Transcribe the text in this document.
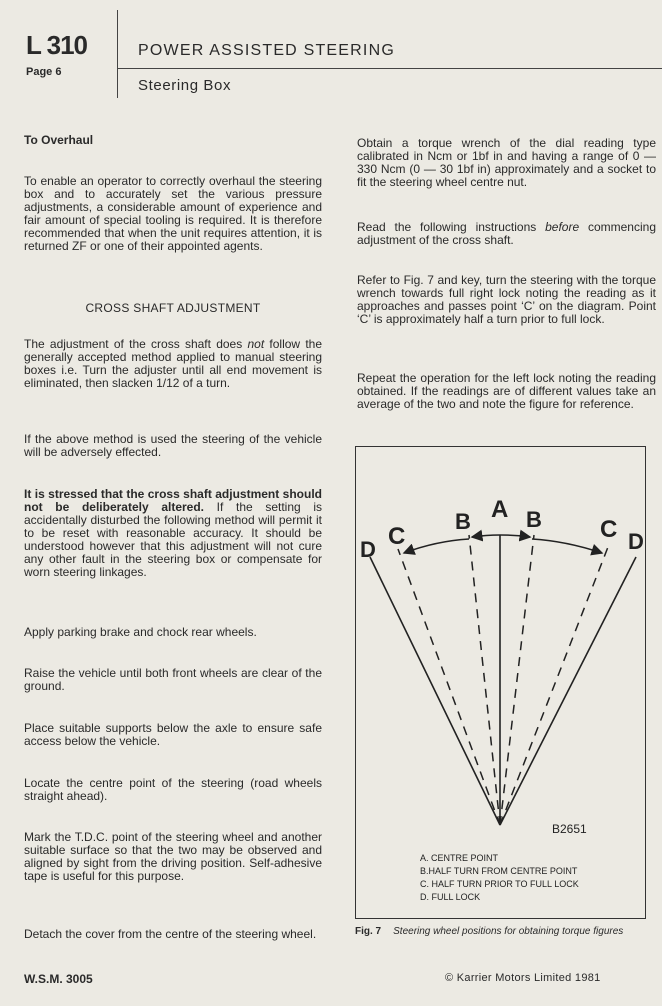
L 310
Page 6
POWER ASSISTED STEERING
Steering Box

To Overhaul

To enable an operator to correctly overhaul the steering box and to accurately set the various pressure adjustments, a considerable amount of experience and fair amount of special tooling is required. It is therefore recommended that when the unit requires attention, it is returned ZF or one of their appointed agents.

CROSS SHAFT ADJUSTMENT

The adjustment of the cross shaft does not follow the generally accepted method applied to manual steering boxes i.e. Turn the adjuster until all end movement is eliminated, then slacken 1/12 of a turn.

If the above method is used the steering of the vehicle will be adversely effected.

It is stressed that the cross shaft adjustment should not be deliberately altered. If the setting is accidentally disturbed the following method will permit it to be reset with reasonable accuracy. It should be understood however that this adjustment will not cure any other fault in the steering box or compensate for worn steering linkages.

Apply parking brake and chock rear wheels.

Raise the vehicle until both front wheels are clear of the ground.

Place suitable supports below the axle to ensure safe access below the vehicle.

Locate the centre point of the steering (road wheels straight ahead).

Mark the T.D.C. point of the steering wheel and another suitable surface so that the two may be observed and aligned by sight from the driving position. Self-adhesive tape is useful for this purpose.

Detach the cover from the centre of the steering wheel.

Obtain a torque wrench of the dial reading type calibrated in Ncm or 1bf in and having a range of 0 — 330 Ncm (0 — 30 1bf in) approximately and a socket to fit the steering wheel centre nut.

Read the following instructions before commencing adjustment of the cross shaft.

Refer to Fig. 7 and key, turn the steering with the torque wrench towards full right lock noting the reading as it approaches and passes point ‘C’ on the diagram. Point ‘C’ is approximately half a turn prior to full lock.

Repeat the operation for the left lock noting the reading obtained. If the readings are of different values take an average of the two and note the figure for reference.

A
B	B
C	C
D	D
B2651
A. CENTRE POINT
B.HALF TURN FROM CENTRE POINT
C. HALF TURN PRIOR TO FULL LOCK
D. FULL LOCK
Fig. 7 Steering wheel positions for obtaining torque figures
W.S.M. 3005	© Karrier Motors Limited 1981
